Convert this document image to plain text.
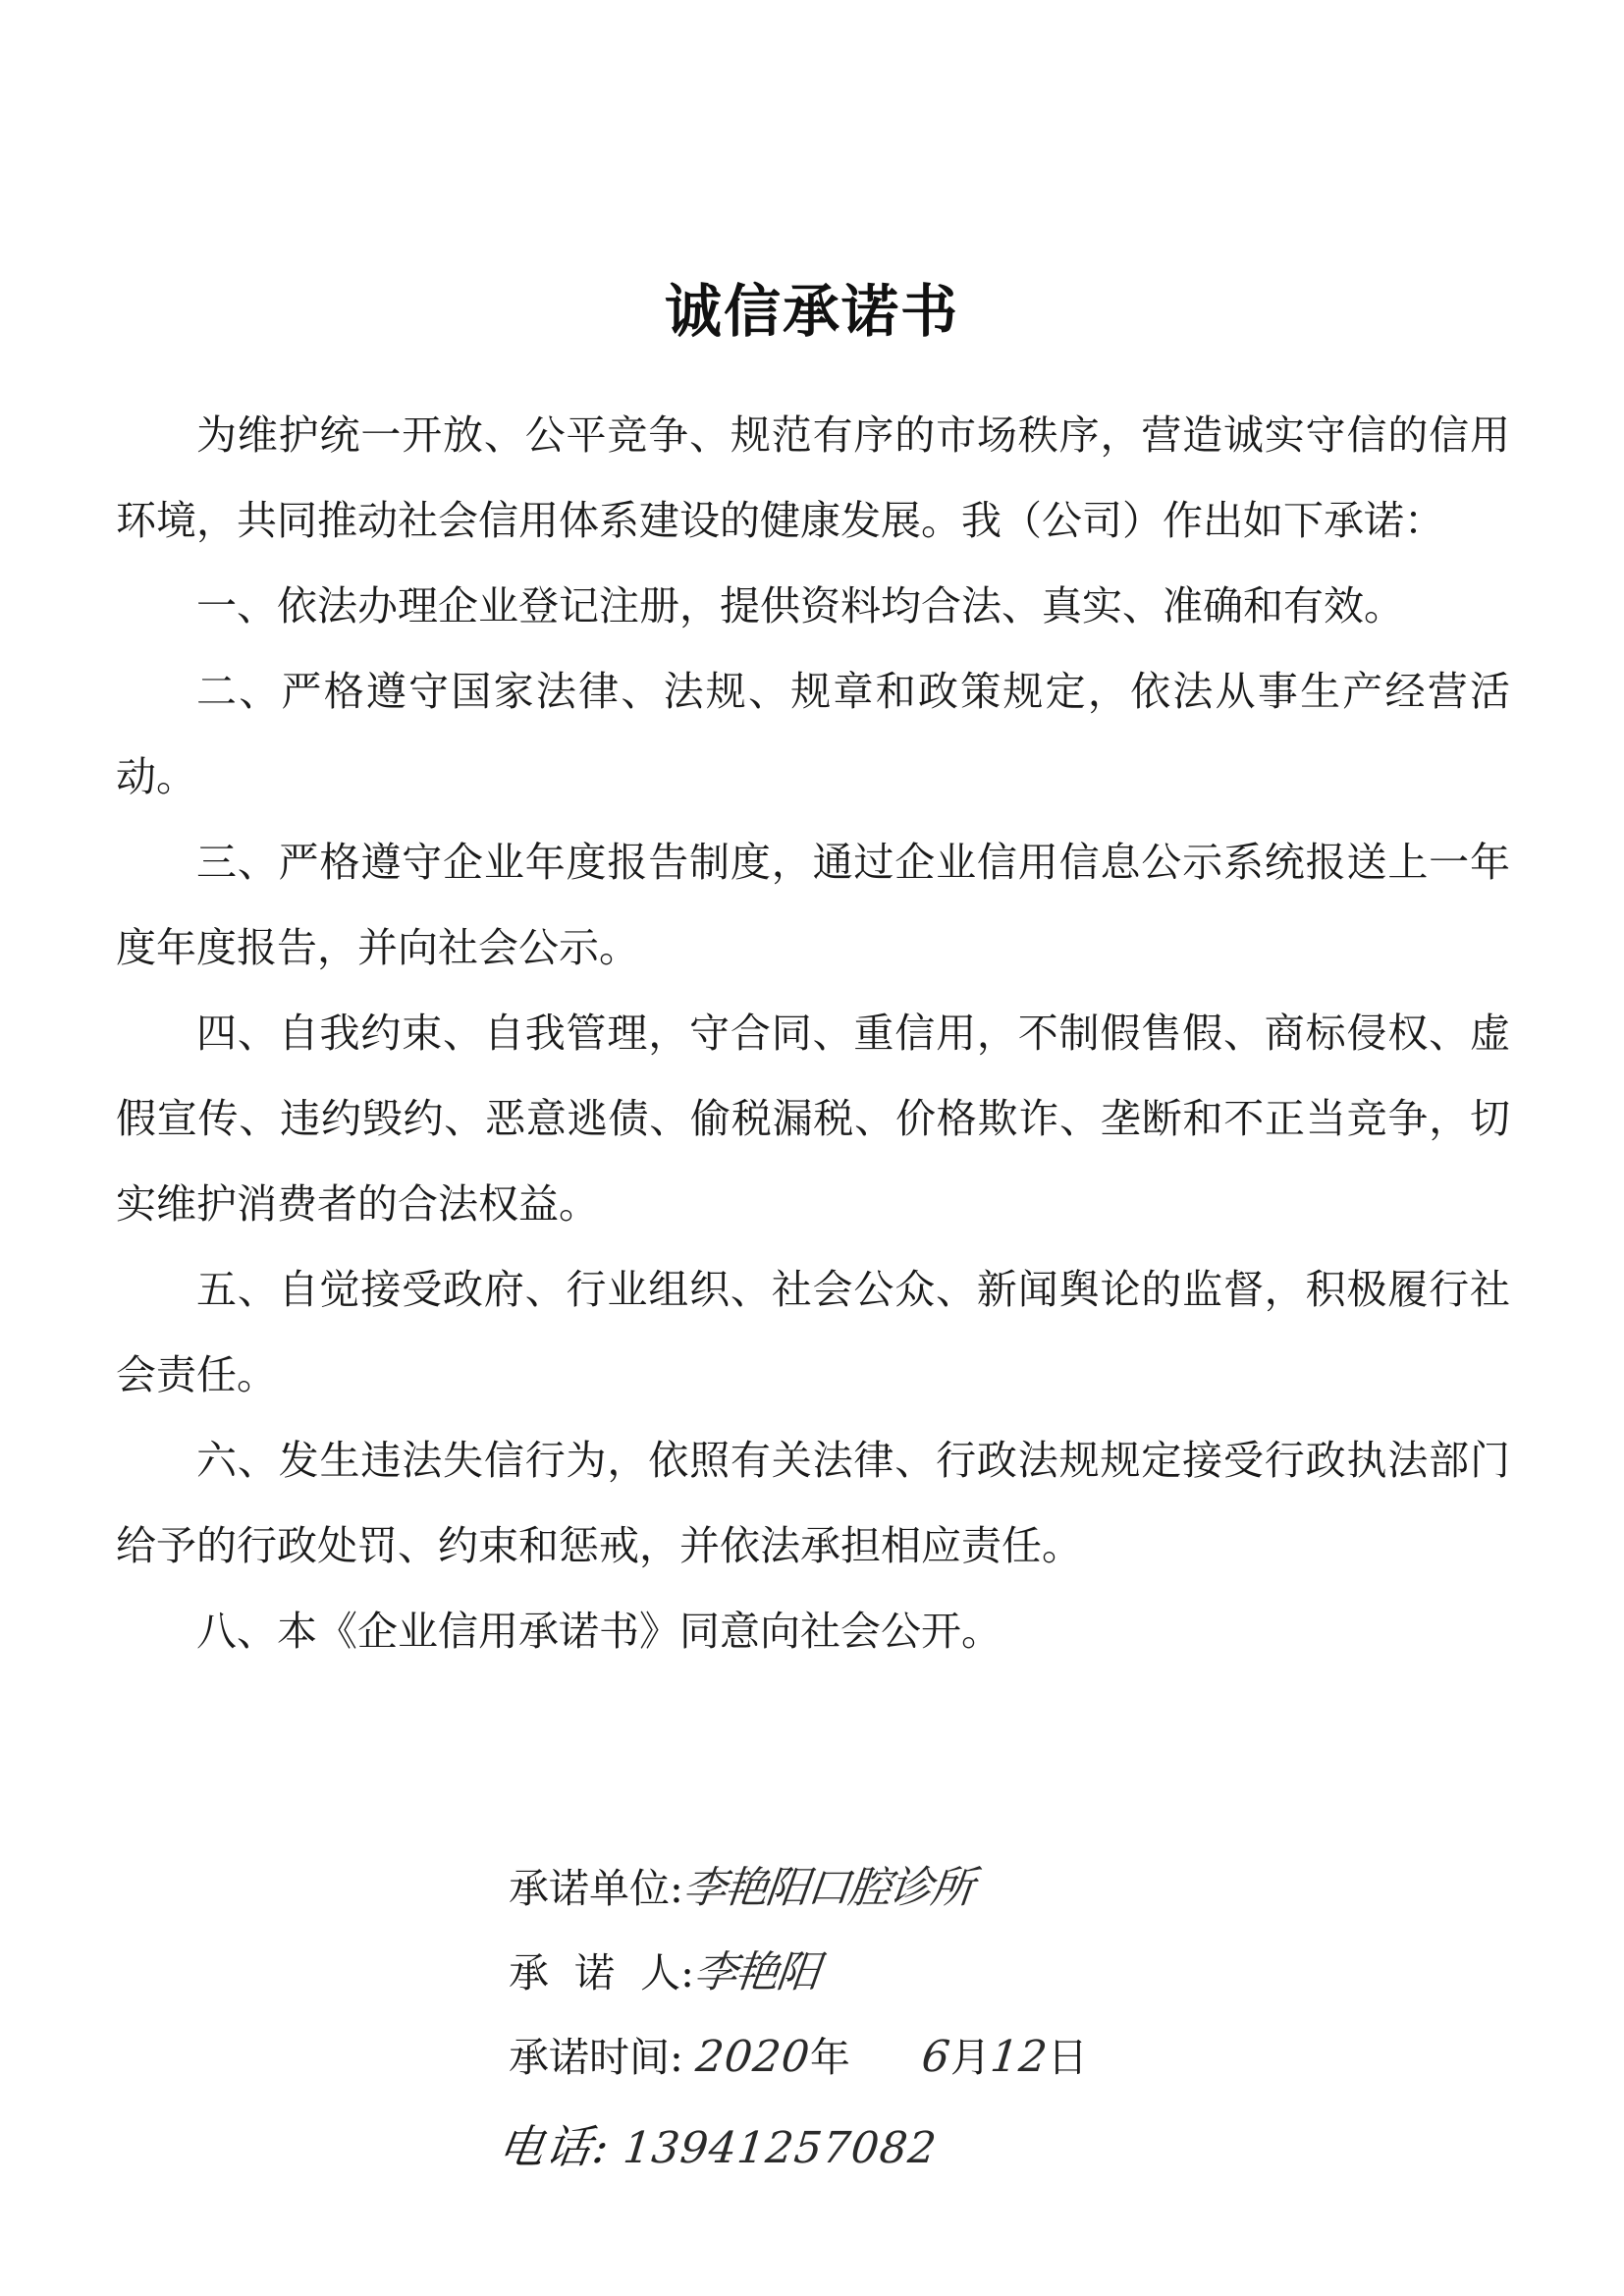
诚信承诺书

为维护统一开放、公平竞争、规范有序的市场秩序，营造诚实守信的信用环境，共同推动社会信用体系建设的健康发展。我（公司）作出如下承诺：

一、依法办理企业登记注册，提供资料均合法、真实、准确和有效。

二、严格遵守国家法律、法规、规章和政策规定，依法从事生产经营活动。

三、严格遵守企业年度报告制度，通过企业信用信息公示系统报送上一年度年度报告，并向社会公示。

四、自我约束、自我管理，守合同、重信用，不制假售假、商标侵权、虚假宣传、违约毁约、恶意逃债、偷税漏税、价格欺诈、垄断和不正当竞争，切实维护消费者的合法权益。

五、自觉接受政府、行业组织、社会公众、新闻舆论的监督，积极履行社会责任。

六、发生违法失信行为，依照有关法律、行政法规规定接受行政执法部门给予的行政处罚、约束和惩戒，并依法承担相应责任。

八、本《企业信用承诺书》同意向社会公开。

承诺单位:李艳阳口腔诊所
承  诺  人:李艳阳
承诺时间: 2020年 6月12日
电话: 13941257082
